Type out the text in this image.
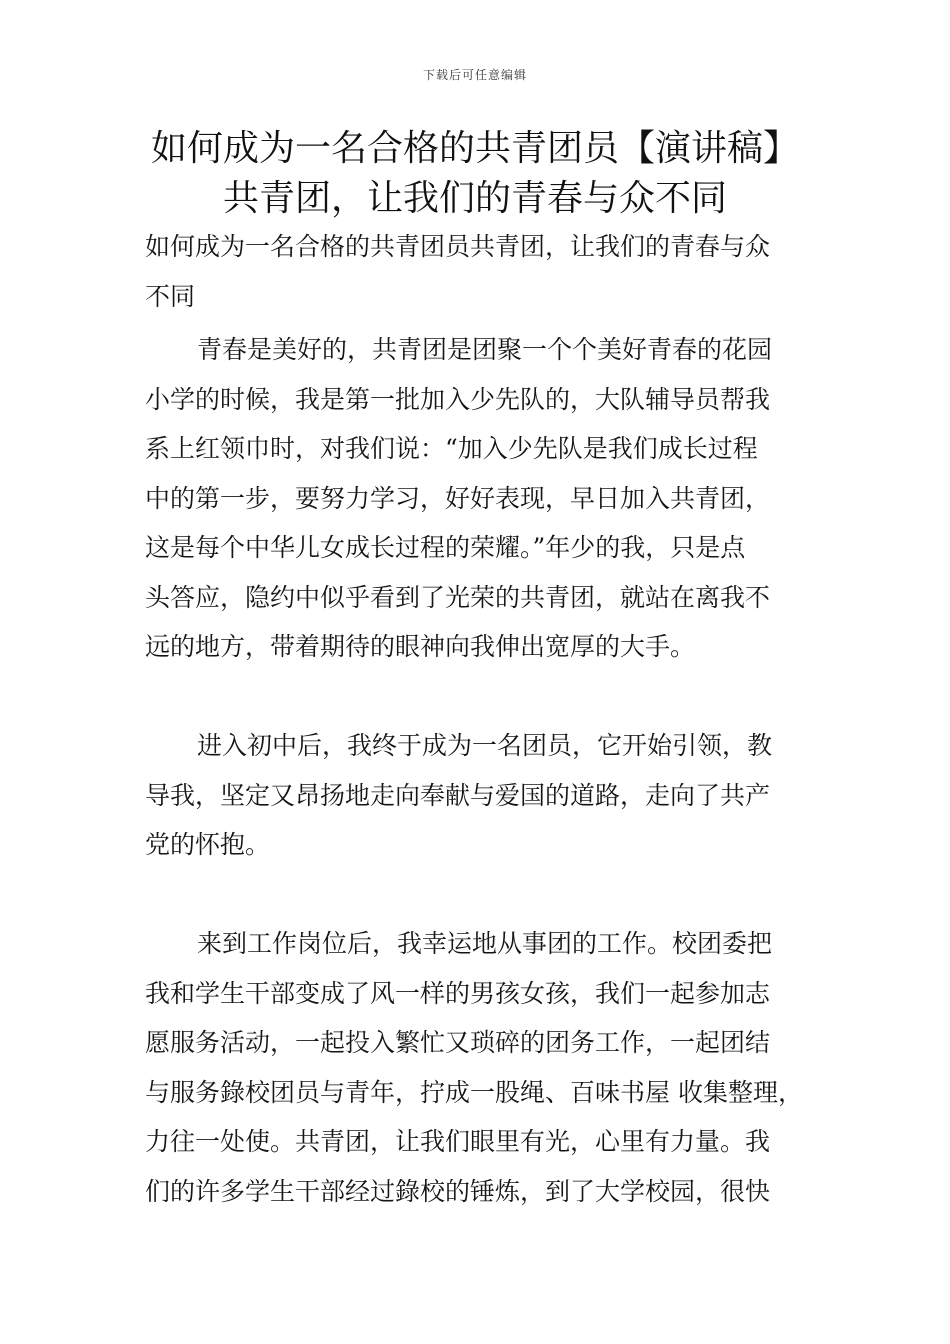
下载后可任意编辑
如何成为一名合格的共青团员【演讲稿】
共青团，让我们的青春与众不同
如何成为一名合格的共青团员共青团，让我们的青春与众
不同
青春是美好的，共青团是团聚一个个美好青春的花园
小学的时候，我是第一批加入少先队的，大队辅导员帮我
系上红领巾时，对我们说：“加入少先队是我们成长过程
中的第一步，要努力学习，好好表现，早日加入共青团，
这是每个中华儿女成长过程的荣耀。”年少的我，只是点
头答应，隐约中似乎看到了光荣的共青团，就站在离我不
远的地方，带着期待的眼神向我伸出宽厚的大手。
进入初中后，我终于成为一名团员，它开始引领，教
导我，坚定又昂扬地走向奉献与爱国的道路，走向了共产
党的怀抱。
来到工作岗位后，我幸运地从事团的工作。校团委把
我和学生干部变成了风一样的男孩女孩，我们一起参加志
愿服务活动，一起投入繁忙又琐碎的团务工作，一起团结
与服务錄校团员与青年，拧成一股绳、百味书屋 收集整理，
力往一处使。共青团，让我们眼里有光，心里有力量。我
们的许多学生干部经过錄校的锤炼，到了大学校园，很快
